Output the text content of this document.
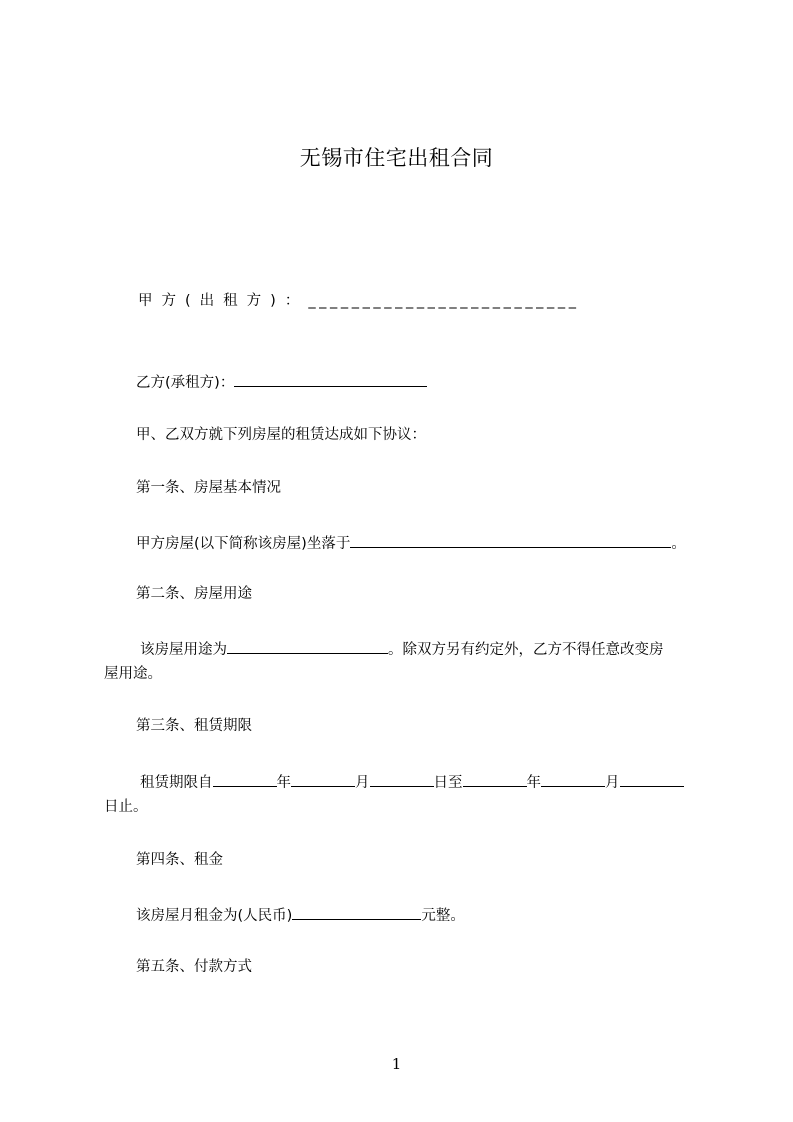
无锡市住宅出租合同
甲方(出租方)：_________________________
乙方(承租方)：
甲、乙双方就下列房屋的租赁达成如下协议：
第一条、房屋基本情况
甲方房屋(以下简称该房屋)坐落于	。
第二条、房屋用途
该房屋用途为	。除双方另有约定外，乙方不得任意改变房
屋用途。
第三条、租赁期限
租赁期限自	年	月	日至	年	月
日止。
第四条、租金
该房屋月租金为(人民币)	元整。
第五条、付款方式
1
